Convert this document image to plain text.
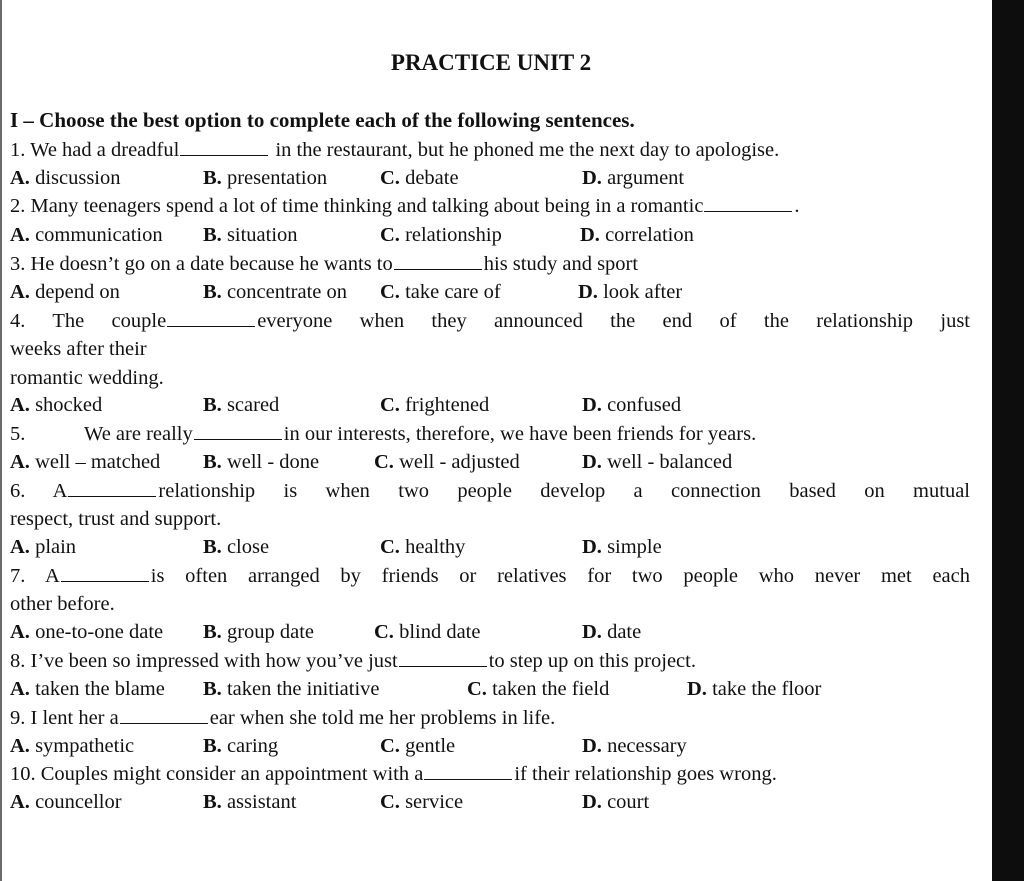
PRACTICE UNIT 2
I – Choose the best option to complete each of the following sentences.
1. We had a dreadful	in the restaurant, but he phoned me the next day to apologise.
A. discussion	B. presentation	C. debate	D. argument
2. Many teenagers spend a lot of time thinking and talking about being in a romantic	.
A. communication B. situation	C. relationship	D. correlation
3. He doesn’t go on a date because he wants to	his study and sport
A. depend on	B. concentrate on C. take care of	D. look after
4. The couple	everyone when they announced the end of the relationship just
weeks after their
romantic wedding.
A. shocked	B. scared	C. frightened	D. confused
5.	We are really	in our interests, therefore, we have been friends for years.
A. well – matched B. well - done	C. well - adjusted	D. well - balanced
6. A	relationship is when two people develop a connection based on mutual
respect, trust and support.
A. plain	B. close	C. healthy	D. simple
7. A	is often arranged by friends or relatives for two people who never met each
other before.
A. one-to-one date B. group date	C. blind date	D. date
8. I’ve been so impressed with how you’ve just	to step up on this project.
A. taken the blame B. taken the initiative	C. taken the field	D. take the floor
9. I lent her a	ear when she told me her problems in life.
A. sympathetic	B. caring	C. gentle	D. necessary
10. Couples might consider an appointment with a	if their relationship goes wrong.
A. councellor	B. assistant	C. service	D. court
